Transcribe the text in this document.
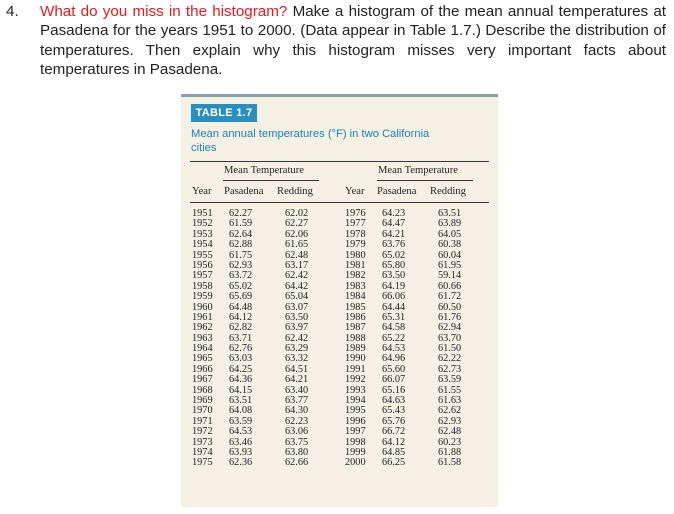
4. What do you miss in the histogram? Make a histogram of the mean annual temperatures at Pasadena for the years 1951 to 2000. (Data appear in Table 1.7.) Describe the distribution of temperatures. Then explain why this histogram misses very important facts about temperatures in Pasadena.
TABLE 1.7
Mean annual temperatures (°F) in two California cities
Mean Temperature	Mean Temperature
Year Pasadena Redding	Year Pasadena Redding
1951 62.27	62.02	1976 64.23	63.51
1952 61.59	62.27	1977 64.47	63.89
1953 62.64	62.06	1978 64.21	64.05
1954 62.88	61.65	1979 63.76	60.38
1955 61.75	62.48	1980 65.02	60.04
1956 62.93	63.17	1981 65.80	61.95
1957 63.72	62.42	1982 63.50	59.14
1958 65.02	64.42	1983 64.19	60.66
1959 65.69	65.04	1984 66.06	61.72
1960 64.48	63.07	1985 64.44	60.50
1961 64.12	63.50	1986 65.31	61.76
1962 62.82	63.97	1987 64.58	62.94
1963 63.71	62.42	1988 65.22	63.70
1964 62.76	63.29	1989 64.53	61.50
1965 63.03	63.32	1990 64.96	62.22
1966 64.25	64.51	1991 65.60	62.73
1967 64.36	64.21	1992 66.07	63.59
1968 64.15	63.40	1993 65.16	61.55
1969 63.51	63.77	1994 64.63	61.63
1970 64.08	64.30	1995 65.43	62.62
1971 63.59	62.23	1996 65.76	62.93
1972 64.53	63.06	1997 66.72	62.48
1973 63.46	63.75	1998 64.12	60.23
1974 63.93	63.80	1999 64.85	61.88
1975 62.36	62.66	2000 66.25	61.58
